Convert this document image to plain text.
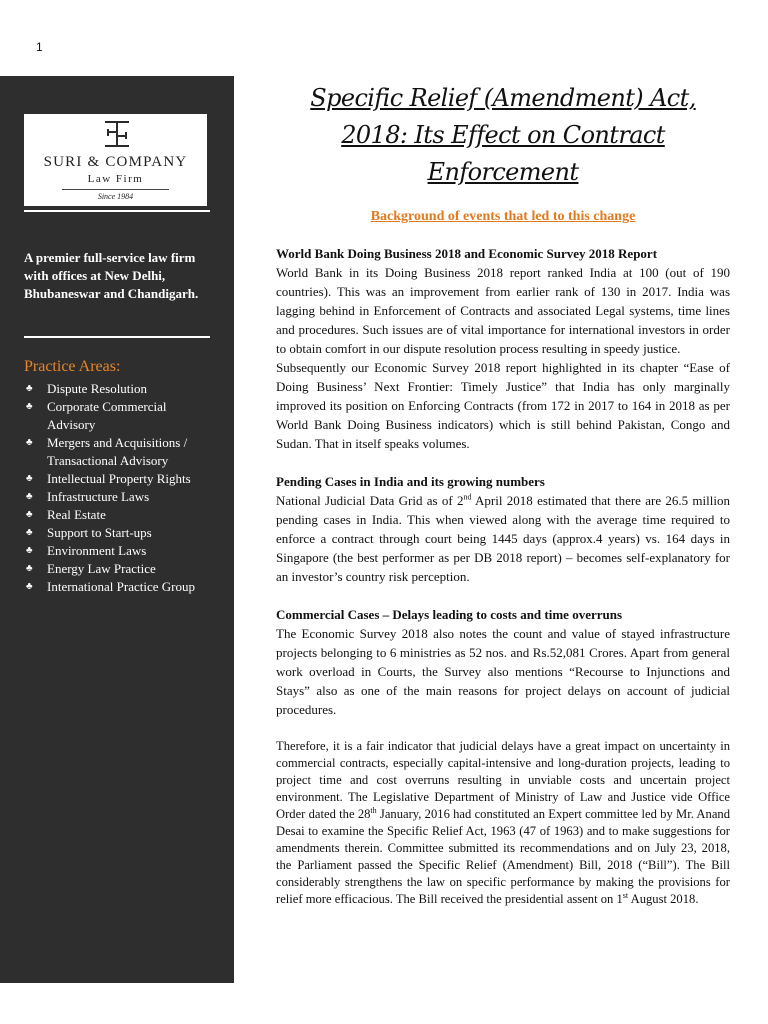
1
SURI & COMPANY
Law Firm
Since 1984
A premier full-service law firm with offices at New Delhi, Bhubaneswar and Chandigarh.
Practice Areas:
♣ Dispute Resolution
♣ Corporate Commercial Advisory
♣ Mergers and Acquisitions / Transactional Advisory
♣ Intellectual Property Rights
♣ Infrastructure Laws
♣ Real Estate
♣ Support to Start-ups
♣ Environment Laws
♣ Energy Law Practice
♣ International Practice Group
Specific Relief (Amendment) Act, 2018: Its Effect on Contract Enforcement
Background of events that led to this change

World Bank Doing Business 2018 and Economic Survey 2018 Report

World Bank in its Doing Business 2018 report ranked India at 100 (out of 190 countries). This was an improvement from earlier rank of 130 in 2017. India was lagging behind in Enforcement of Contracts and associated Legal systems, time lines and procedures. Such issues are of vital importance for international investors in order to obtain comfort in our dispute resolution process resulting in speedy justice.

Subsequently our Economic Survey 2018 report highlighted in its chapter “Ease of Doing Business’ Next Frontier: Timely Justice” that India has only marginally improved its position on Enforcing Contracts (from 172 in 2017 to 164 in 2018 as per World Bank Doing Business indicators) which is still behind Pakistan, Congo and Sudan. That in itself speaks volumes.

Pending Cases in India and its growing numbers

National Judicial Data Grid as of 2nd April 2018 estimated that there are 26.5 million pending cases in India. This when viewed along with the average time required to enforce a contract through court being 1445 days (approx.4 years) vs. 164 days in Singapore (the best performer as per DB 2018 report) – becomes self-explanatory for an investor’s country risk perception.

Commercial Cases – Delays leading to costs and time overruns

The Economic Survey 2018 also notes the count and value of stayed infrastructure projects belonging to 6 ministries as 52 nos. and Rs.52,081 Crores. Apart from general work overload in Courts, the Survey also mentions “Recourse to Injunctions and Stays” also as one of the main reasons for project delays on account of judicial procedures.

Therefore, it is a fair indicator that judicial delays have a great impact on uncertainty in commercial contracts, especially capital-intensive and long-duration projects, leading to project time and cost overruns resulting in unviable costs and uncertain project environment. The Legislative Department of Ministry of Law and Justice vide Office Order dated the 28th January, 2016 had constituted an Expert committee led by Mr. Anand Desai to examine the Specific Relief Act, 1963 (47 of 1963) and to make suggestions for amendments therein. Committee submitted its recommendations and on July 23, 2018, the Parliament passed the Specific Relief (Amendment) Bill, 2018 (“Bill”). The Bill considerably strengthens the law on specific performance by making the provisions for relief more efficacious. The Bill received the presidential assent on 1st August 2018.
